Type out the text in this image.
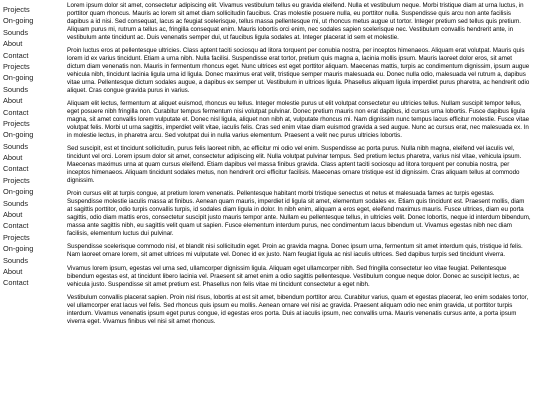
Projects
On-going
Sounds
About
Contact
Projects
On-going
Sounds
About
Contact
Projects
On-going
Sounds
About
Contact
Projects
On-going
Sounds
About
Contact
Projects
On-going
Sounds
About
Contact

Lorem ipsum dolor sit amet, consectetur adipiscing elit. Vivamus vestibulum tellus eu gravida eleifend. Nulla et vestibulum neque. Morbi tristique diam at urna luctus, in porttitor quam rhoncus. Mauris ac lorem sit amet diam sollicitudin faucibus. Cras molestie posuere nulla, eu porttitor nulla. Suspendisse quis arcu non ante facilisis dapibus a id nisi. Sed consequat, lacus ac feugiat scelerisque, tellus massa pellentesque mi, ut rhoncus metus augue ut tortor. Integer pretium sed tellus quis pretium. Aliquam purus mi, rutrum a tellus ac, fringilla consequat enim. Mauris lobortis orci enim, nec sodales sapien scelerisque nec. Vestibulum convallis hendrerit ante, in vestibulum ante tincidunt ac. Duis venenatis semper dui, ut faucibus ligula sodales at. Integer placerat id sem et molestie.

Proin luctus eros at pellentesque ultricies. Class aptent taciti sociosqu ad litora torquent per conubia nostra, per inceptos himenaeos. Aliquam erat volutpat. Mauris quis lorem id ex varius tincidunt. Etiam a urna nibh. Nulla facilisi. Suspendisse erat tortor, pretium quis magna a, lacinia mollis ipsum. Mauris laoreet dolor eros, sit amet dictum diam venenatis non. Mauris in fermentum rhoncus eget. Nunc ultrices est eget porttitor aliquam. Maecenas mattis, turpis ac condimentum dignissim, ipsum augue vehicula nibh, tincidunt lacinia ligula urna id ligula. Donec maximus erat velit, tristique semper mauris malesuada eu. Donec nulla odio, malesuada vel rutrum a, dapibus vitae urna. Pellentesque dictum sodales augue, a dapibus ex semper ut. Vestibulum in ultrices ligula. Phasellus aliquam ligula imperdiet purus pharetra, ac hendrerit odio aliquet. Cras congue gravida purus in varius.

Aliquam elit lectus, fermentum at aliquet euismod, rhoncus eu tellus. Integer molestie purus ut elit volutpat consectetur eu ultricies tellus. Nullam suscipit tempor tellus, eget posuere nibh fringilla non. Curabitur tempus fermentum nisi volutpat pulvinar. Donec pretium mauris non erat dapibus, id cursus urna lobortis. Fusce dapibus ligula magna, sit amet convallis lorem vulputate et. Donec nisl ligula, aliquet non nibh at, vulputate rhoncus mi. Nam dignissim nunc tempus lacus efficitur molestie. Fusce vitae volutpat felis. Morbi ut urna sagittis, imperdiet velit vitae, iaculis felis. Cras sed enim vitae diam euismod gravida a sed augue. Nunc ac cursus erat, nec malesuada ex. In in molestie lectus, in pharetra arcu. Sed volutpat dui in nulla varius elementum. Praesent a velit nec purus ultricies lobortis.

Sed suscipit, est et tincidunt sollicitudin, purus felis laoreet nibh, ac efficitur mi odio vel enim. Suspendisse ac porta purus. Nulla nibh magna, eleifend vel iaculis vel, tincidunt vel orci. Lorem ipsum dolor sit amet, consectetur adipiscing elit. Nulla volutpat pulvinar tempus. Sed pretium lectus pharetra, varius nisl vitae, vehicula ipsum. Maecenas maximus urna at quam cursus eleifend. Etiam dapibus vel massa finibus gravida. Class aptent taciti sociosqu ad litora torquent per conubia nostra, per inceptos himenaeos. Aliquam tincidunt sodales metus, non hendrerit orci efficitur facilisis. Maecenas ornare tristique est id dignissim. Cras aliquam tellus at commodo dignissim.

Proin cursus elit at turpis congue, at pretium lorem venenatis. Pellentesque habitant morbi tristique senectus et netus et malesuada fames ac turpis egestas. Suspendisse molestie iaculis massa at finibus. Aenean quam mauris, imperdiet id ligula sit amet, elementum sodales ex. Etiam quis tincidunt est. Praesent mollis, diam at sagittis porttitor, odio turpis convallis turpis, id sodales diam ligula in dolor. In nibh enim, aliquam a eros eget, eleifend maximus mauris. Fusce ultrices, diam eu porta sagittis, odio diam mattis eros, consectetur suscipit justo mauris tempor ante. Nullam eu pellentesque tellus, in ultricies velit. Donec lobortis, neque id interdum bibendum, massa ante sagittis nibh, eu sagittis velit quam ut sapien. Fusce elementum interdum purus, nec condimentum lacus bibendum ut. Vivamus egestas nibh nec diam facilisis, elementum luctus dui pulvinar.

Suspendisse scelerisque commodo nisl, et blandit nisi sollicitudin eget. Proin ac gravida magna. Donec ipsum urna, fermentum sit amet interdum quis, tristique id felis. Nam laoreet ornare lorem, sit amet ultrices mi vulputate vel. Donec id ex justo. Nam feugiat ligula ac nisl iaculis ultrices. Sed dapibus turpis sed tincidunt viverra.

Vivamus lorem ipsum, egestas vel urna sed, ullamcorper dignissim ligula. Aliquam eget ullamcorper nibh. Sed fringilla consectetur leo vitae feugiat. Pellentesque bibendum egestas est, at tincidunt libero lacinia vel. Praesent sit amet enim a odio sagittis pellentesque. Vestibulum congue neque dolor. Donec ac suscipit lectus, ac vehicula justo. Suspendisse sit amet pretium est. Phasellus non felis vitae mi tincidunt consectetur a eget nibh.

Vestibulum convallis placerat sapien. Proin nisl risus, lobortis at est sit amet, bibendum porttitor arcu. Curabitur varius, quam et egestas placerat, leo enim sodales tortor, vel ullamcorper erat lacus vel felis. Sed rhoncus quis ipsum eu mollis. Aenean ornare vel nisi ac gravida. Praesent aliquam odio nec enim gravida, ut porttitor turpis interdum. Vivamus venenatis ipsum eget purus congue, id egestas eros porta. Duis at iaculis ipsum, nec convallis urna. Mauris venenatis cursus ante, a porta ipsum viverra eget. Vivamus finibus vel nisi sit amet rhoncus.
